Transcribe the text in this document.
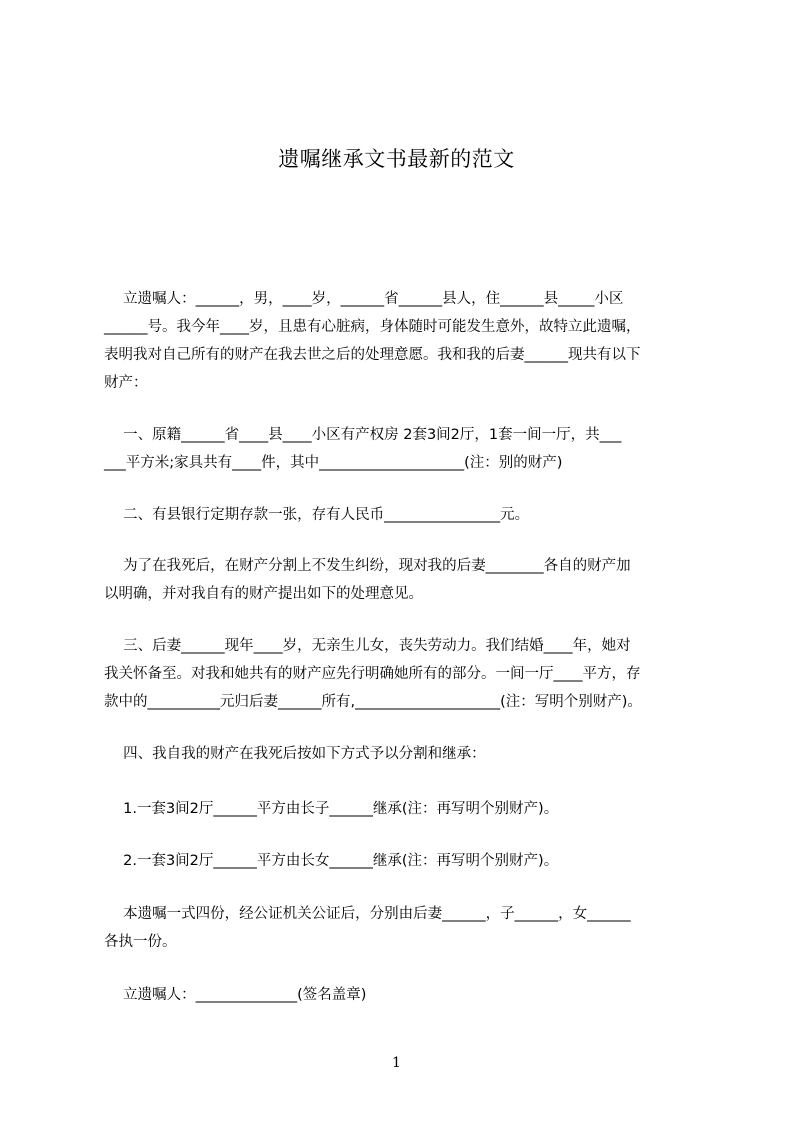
遗嘱继承文书最新的范文
　 立遗嘱人：______，男，____岁，______省______县人，住______县_____小区
______号。我今年____岁，且患有心脏病，身体随时可能发生意外，故特立此遗嘱，
表明我对自己所有的财产在我去世之后的处理意愿。我和我的后妻______现共有以下
财产：
　 一、原籍______省____县____小区有产权房 2套3间2厅，1套一间一厅，共___
___平方米;家具共有____件，其中____________________(注：别的财产)
　 二、有县银行定期存款一张，存有人民币________________元。
　 为了在我死后，在财产分割上不发生纠纷，现对我的后妻________各自的财产加
以明确，并对我自有的财产提出如下的处理意见。
　 三、后妻______现年____岁，无亲生儿女，丧失劳动力。我们结婚____年，她对
我关怀备至。对我和她共有的财产应先行明确她所有的部分。一间一厅____平方，存
款中的__________元归后妻______所有,____________________(注：写明个别财产)。
　 四、我自我的财产在我死后按如下方式予以分割和继承：
　 1.一套3间2厅______平方由长子______继承(注：再写明个别财产)。
　 2.一套3间2厅______平方由长女______继承(注：再写明个别财产)。
　 本遗嘱一式四份，经公证机关公证后，分别由后妻______，子______，女______
各执一份。
　 立遗嘱人：______________(签名盖章)
1
